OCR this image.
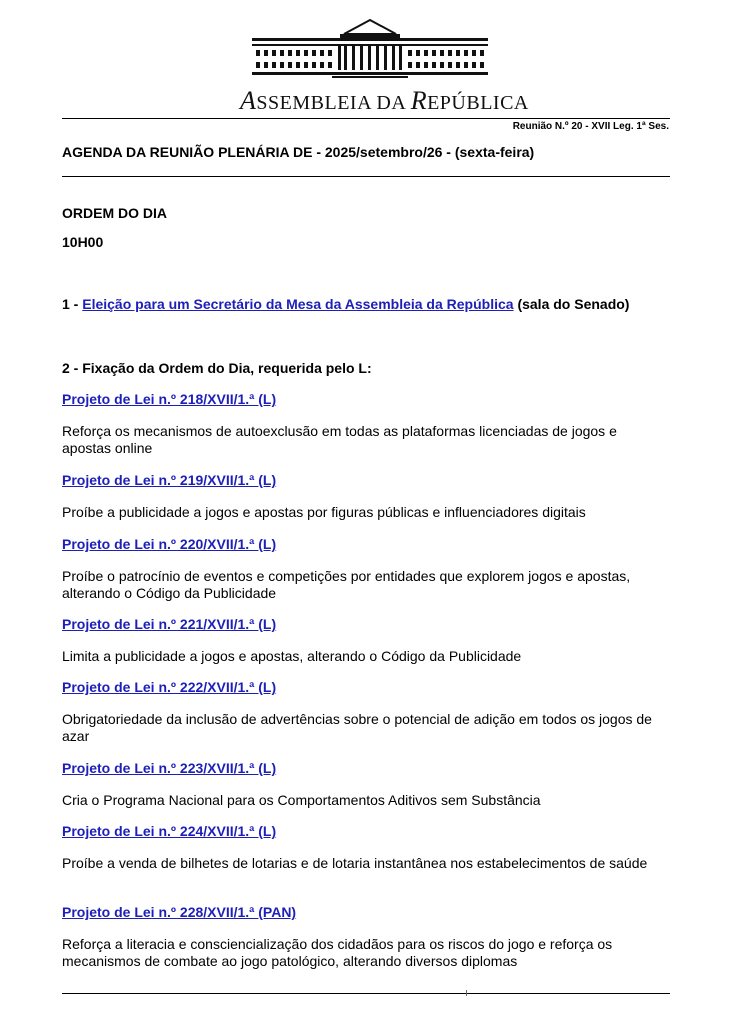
ASSEMBLEIA DA REPÚBLICA
Reunião N.º 20 - XVII Leg. 1ª Ses.
AGENDA DA REUNIÃO PLENÁRIA DE - 2025/setembro/26 - (sexta-feira)
ORDEM DO DIA
10H00
1 - Eleição para um Secretário da Mesa da Assembleia da República (sala do Senado)
2 - Fixação da Ordem do Dia, requerida pelo L:
Projeto de Lei n.º 218/XVII/1.ª (L)
Reforça os mecanismos de autoexclusão em todas as plataformas licenciadas de jogos e apostas online
Projeto de Lei n.º 219/XVII/1.ª (L)
Proíbe a publicidade a jogos e apostas por figuras públicas e influenciadores digitais
Projeto de Lei n.º 220/XVII/1.ª (L)
Proíbe o patrocínio de eventos e competições por entidades que explorem jogos e apostas, alterando o Código da Publicidade
Projeto de Lei n.º 221/XVII/1.ª (L)
Limita a publicidade a jogos e apostas, alterando o Código da Publicidade
Projeto de Lei n.º 222/XVII/1.ª (L)
Obrigatoriedade da inclusão de advertências sobre o potencial de adição em todos os jogos de azar
Projeto de Lei n.º 223/XVII/1.ª (L)
Cria o Programa Nacional para os Comportamentos Aditivos sem Substância
Projeto de Lei n.º 224/XVII/1.ª (L)
Proíbe a venda de bilhetes de lotarias e de lotaria instantânea nos estabelecimentos de saúde
Projeto de Lei n.º 228/XVII/1.ª (PAN)
Reforça a literacia e consciencialização dos cidadãos para os riscos do jogo e reforça os mecanismos de combate ao jogo patológico, alterando diversos diplomas
